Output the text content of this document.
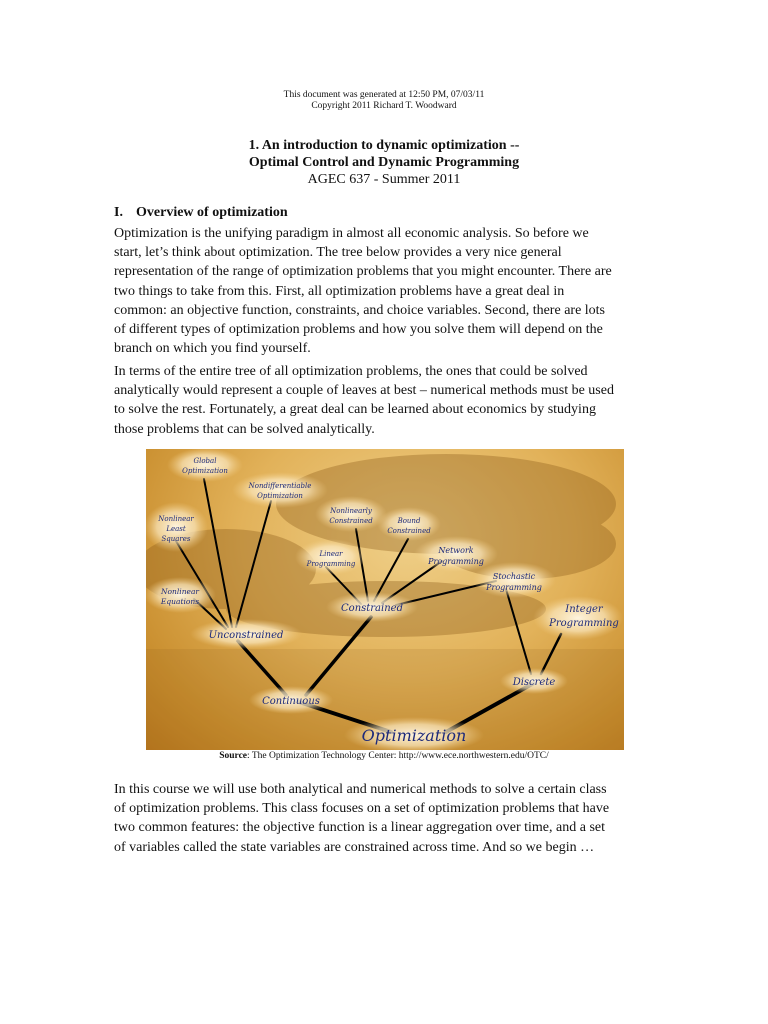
This document was generated at 12:50 PM, 07/03/11
Copyright 2011 Richard T. Woodward
1. An introduction to dynamic optimization --
Optimal Control and Dynamic Programming
AGEC 637 - Summer 2011
I. Overview of optimization

Optimization is the unifying paradigm in almost all economic analysis. So before we
start, let’s think about optimization. The tree below provides a very nice general
representation of the range of optimization problems that you might encounter. There are
two things to take from this. First, all optimization problems have a great deal in
common: an objective function, constraints, and choice variables. Second, there are lots
of different types of optimization problems and how you solve them will depend on the
branch on which you find yourself.

In terms of the entire tree of all optimization problems, the ones that could be solved
analytically would represent a couple of leaves at best – numerical methods must be used
to solve the rest. Fortunately, a great deal can be learned about economics by studying
those problems that can be solved analytically.

Optimization
Continuous
Discrete
Unconstrained
Constrained	Integer
Programming
Stochastic
Programming
Network
Programming
Bound
Constrained
Nonlinearly
Constrained
Linear
Programming
Nondifferentiable
Optimization
Global
Optimization
Nonlinear
Least
Squares
Nonlinear
Equations
Source: The Optimization Technology Center: http://www.ece.northwestern.edu/OTC/

In this course we will use both analytical and numerical methods to solve a certain class
of optimization problems. This class focuses on a set of optimization problems that have
two common features: the objective function is a linear aggregation over time, and a set
of variables called the state variables are constrained across time. And so we begin …
